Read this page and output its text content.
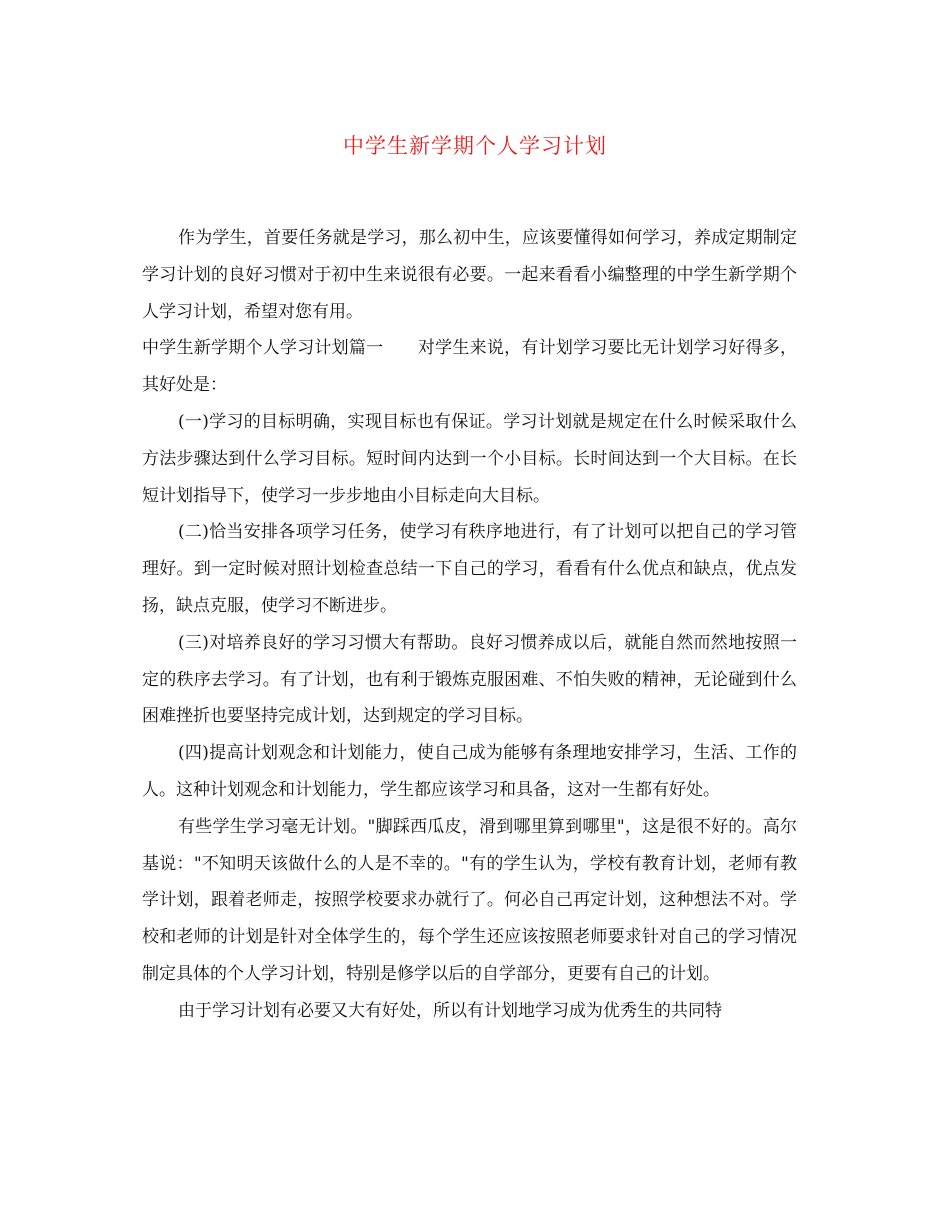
中学生新学期个人学习计划

作为学生，首要任务就是学习，那么初中生，应该要懂得如何学习，养成定期制定学习计划的良好习惯对于初中生来说很有必要。一起来看看小编整理的中学生新学期个人学习计划，希望对您有用。

中学生新学期个人学习计划篇一　　对学生来说，有计划学习要比无计划学习好得多，其好处是：

(一)学习的目标明确，实现目标也有保证。学习计划就是规定在什么时候采取什么方法步骤达到什么学习目标。短时间内达到一个小目标。长时间达到一个大目标。在长短计划指导下，使学习一步步地由小目标走向大目标。

(二)恰当安排各项学习任务，使学习有秩序地进行，有了计划可以把自己的学习管理好。到一定时候对照计划检查总结一下自己的学习，看看有什么优点和缺点，优点发扬，缺点克服，使学习不断进步。

(三)对培养良好的学习习惯大有帮助。良好习惯养成以后，就能自然而然地按照一定的秩序去学习。有了计划，也有利于锻炼克服困难、不怕失败的精神，无论碰到什么困难挫折也要坚持完成计划，达到规定的学习目标。

(四)提高计划观念和计划能力，使自己成为能够有条理地安排学习，生活、工作的人。这种计划观念和计划能力，学生都应该学习和具备，这对一生都有好处。

有些学生学习毫无计划。"脚踩西瓜皮，滑到哪里算到哪里"，这是很不好的。高尔基说："不知明天该做什么的人是不幸的。"有的学生认为，学校有教育计划，老师有教学计划，跟着老师走，按照学校要求办就行了。何必自己再定计划，这种想法不对。学校和老师的计划是针对全体学生的，每个学生还应该按照老师要求针对自己的学习情况制定具体的个人学习计划，特别是修学以后的自学部分，更要有自己的计划。

由于学习计划有必要又大有好处，所以有计划地学习成为优秀生的共同特
